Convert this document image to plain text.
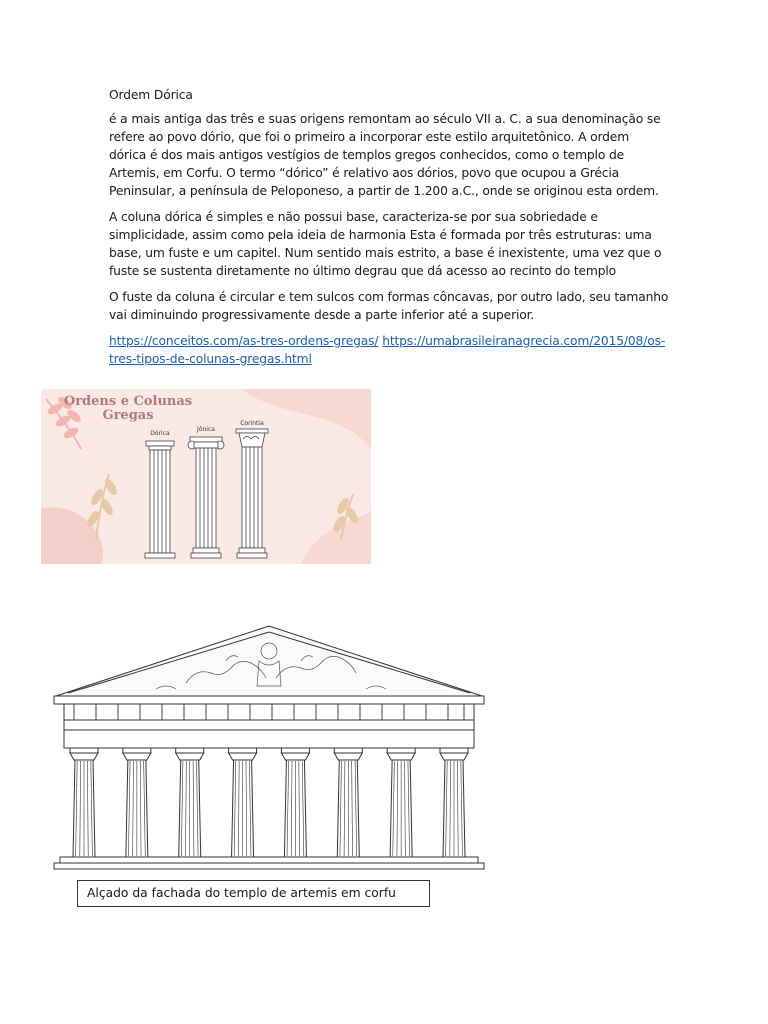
Ordem Dórica

é a mais antiga das três e suas origens remontam ao século VII a. C. a sua denominação se refere ao povo dório, que foi o primeiro a incorporar este estilo arquitetônico. A ordem dórica é dos mais antigos vestígios de templos gregos conhecidos, como o templo de Artemis, em Corfu. O termo “dórico” é relativo aos dórios, povo que ocupou a Grécia Peninsular, a península de Peloponeso, a partir de 1.200 a.C., onde se originou esta ordem.

A coluna dórica é simples e não possui base, caracteriza-se por sua sobriedade e simplicidade, assim como pela ideia de harmonia Esta é formada por três estruturas: uma base, um fuste e um capitel. Num sentido mais estrito, a base é inexistente, uma vez que o fuste se sustenta diretamente no último degrau que dá acesso ao recinto do templo

O fuste da coluna é circular e tem sulcos com formas côncavas, por outro lado, seu tamanho vai diminuindo progressivamente desde a parte inferior até a superior.

https://conceitos.com/as-tres-ordens-gregas/ https://umabrasileiranagrecia.com/2015/08/os-tres-tipos-de-colunas-gregas.html

Ordens e Colunas
Gregas
Dórica
Jônica
Coríntia
Alçado da fachada do templo de artemis em corfu
